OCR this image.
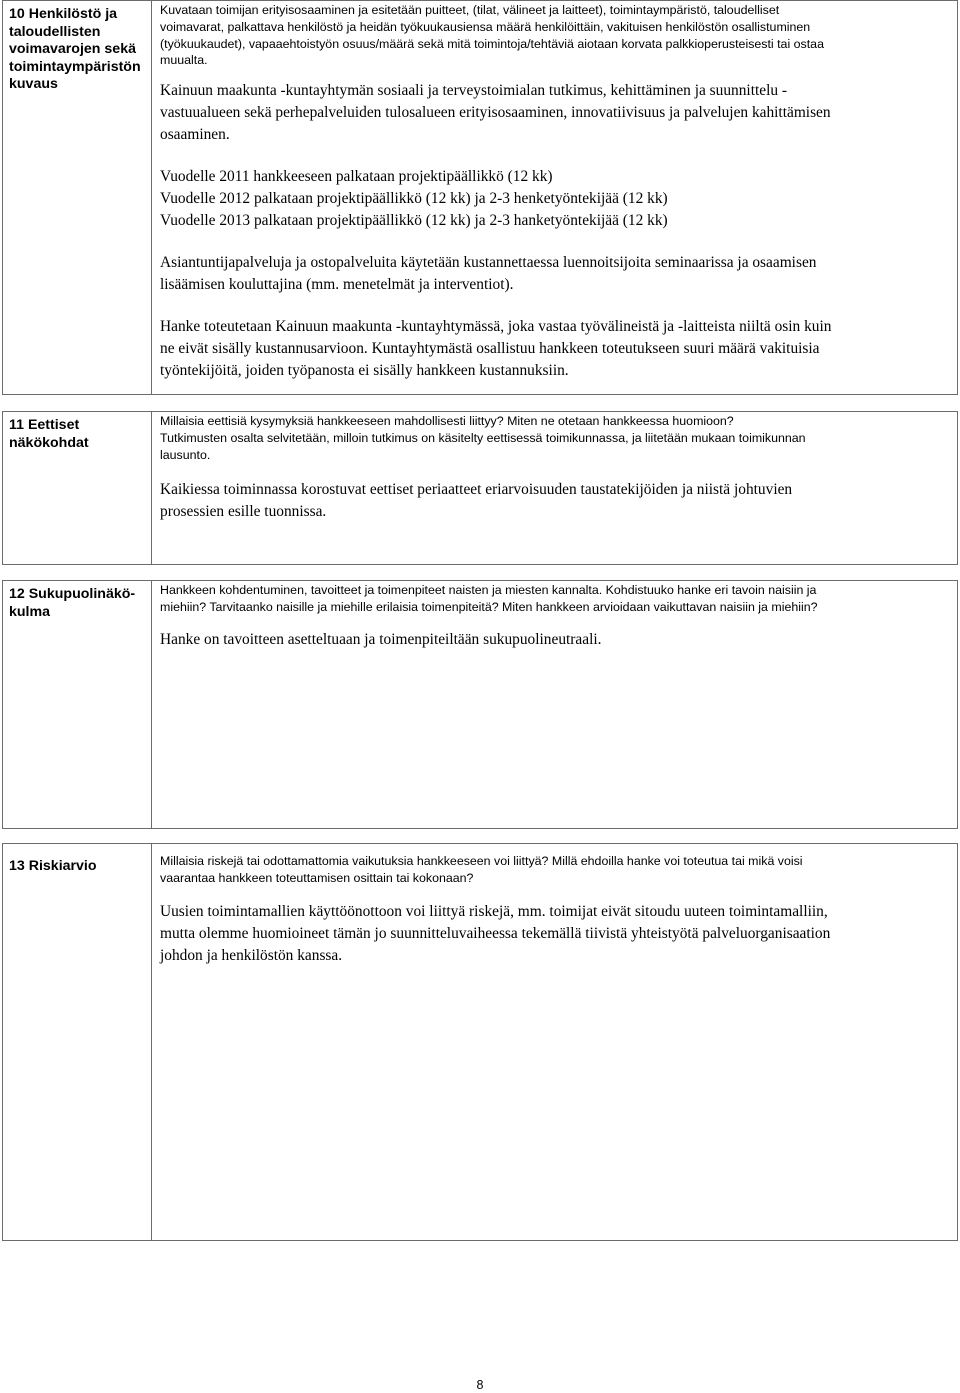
10 Henkilöstö ja
taloudellisten
voimavarojen sekä
toimintaympäristön
kuvaus

Kuvataan toimijan erityisosaaminen ja esitetään puitteet, (tilat, välineet ja laitteet), toimintaympäristö, taloudelliset
voimavarat, palkattava henkilöstö ja heidän työkuukausiensa määrä henkilöittäin, vakituisen henkilöstön osallistuminen
(työkuukaudet), vapaaehtoistyön osuus/määrä sekä mitä toimintoja/tehtäviä aiotaan korvata palkkioperusteisesti tai ostaa
muualta.

Kainuun maakunta -kuntayhtymän sosiaali ja terveystoimialan tutkimus, kehittäminen ja suunnittelu -
vastuualueen sekä perhepalveluiden tulosalueen erityisosaaminen, innovatiivisuus ja palvelujen kahittämisen
osaaminen.

Vuodelle 2011 hankkeeseen palkataan projektipäällikkö (12 kk)
Vuodelle 2012 palkataan projektipäällikkö (12 kk) ja 2-3 henketyöntekijää (12 kk)
Vuodelle 2013 palkataan projektipäällikkö (12 kk) ja 2-3 hanketyöntekijää (12 kk)

Asiantuntijapalveluja ja ostopalveluita käytetään kustannettaessa luennoitsijoita seminaarissa ja osaamisen
lisäämisen kouluttajina (mm. menetelmät ja interventiot).

Hanke toteutetaan Kainuun maakunta -kuntayhtymässä, joka vastaa työvälineistä ja -laitteista niiltä osin kuin
ne eivät sisälly kustannusarvioon. Kuntayhtymästä osallistuu hankkeen toteutukseen suuri määrä vakituisia
työntekijöitä, joiden työpanosta ei sisälly hankkeen kustannuksiin.

11 Eettiset
näkökohdat

Millaisia eettisiä kysymyksiä hankkeeseen mahdollisesti liittyy? Miten ne otetaan hankkeessa huomioon?
Tutkimusten osalta selvitetään, milloin tutkimus on käsitelty eettisessä toimikunnassa, ja liitetään mukaan toimikunnan
lausunto.

Kaikiessa toiminnassa korostuvat eettiset periaatteet eriarvoisuuden taustatekijöiden ja niistä johtuvien
prosessien esille tuonnissa.

12 Sukupuolinäkö-
kulma

Hankkeen kohdentuminen, tavoitteet ja toimenpiteet naisten ja miesten kannalta. Kohdistuuko hanke eri tavoin naisiin ja
miehiin? Tarvitaanko naisille ja miehille erilaisia toimenpiteitä? Miten hankkeen arvioidaan vaikuttavan naisiin ja miehiin?

Hanke on tavoitteen asetteltuaan ja toimenpiteiltään sukupuolineutraali.

13 Riskiarvio	Millaisia riskejä tai odottamattomia vaikutuksia hankkeeseen voi liittyä? Millä ehdoilla hanke voi toteutua tai mikä voisi
vaarantaa hankkeen toteuttamisen osittain tai kokonaan?

Uusien toimintamallien käyttöönottoon voi liittyä riskejä, mm. toimijat eivät sitoudu uuteen toimintamalliin,
mutta olemme huomioineet tämän jo suunnitteluvaiheessa tekemällä tiivistä yhteistyötä palveluorganisaation
johdon ja henkilöstön kanssa.

8
